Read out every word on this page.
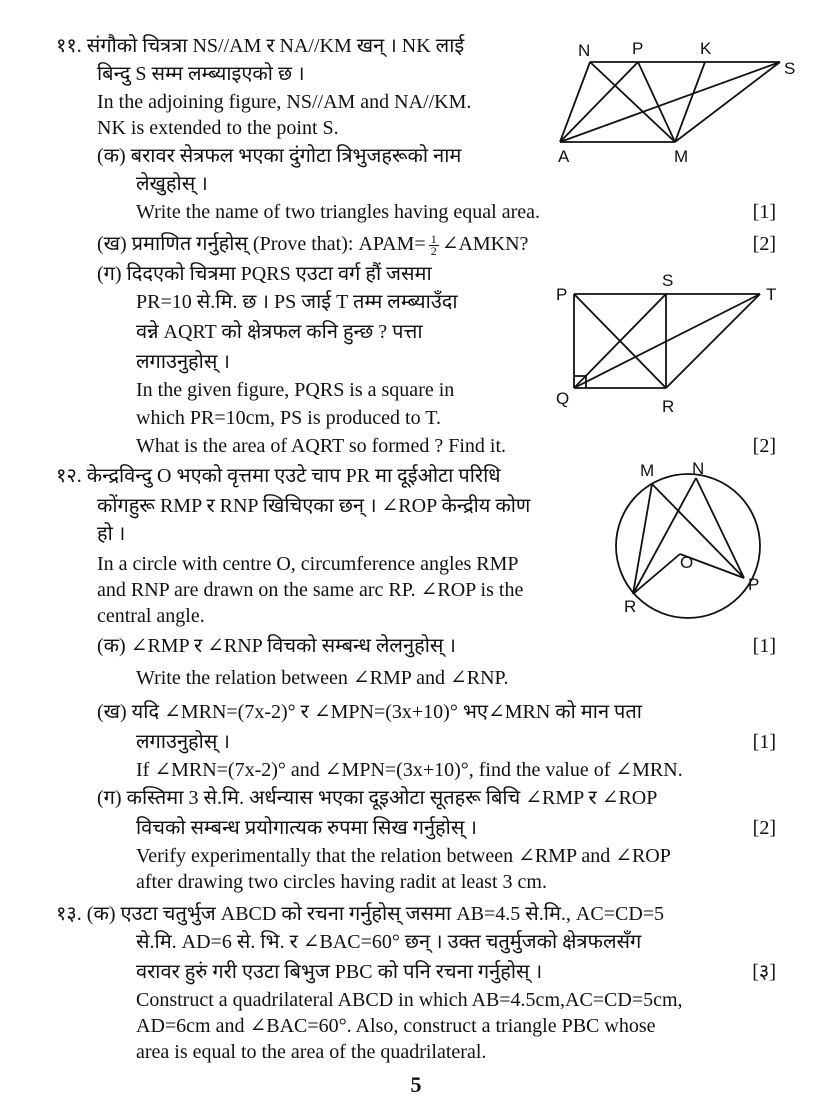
११. संगौको चित्रत्रा NS//AM र NA//KM खन् । NK लाई
बिन्दु S सम्म लम्ब्याइएको छ ।
In the adjoining figure, NS//AM and NA//KM.
NK is extended to the point S.
(क) बरावर सेत्रफल भएका दुंगोटा त्रिभुजहरूको नाम
लेखुहोस् ।
Write the name of two triangles having equal area.	[1]
(ख) प्रमाणित गर्नुहोस् (Prove that): APAM= $\frac{1}{2}$ ∠AMKN?	[2]
(ग) दिदएको चित्रमा PQRS एउटा वर्ग हौं जसमा
PR=10 से.मि. छ । PS जाई T तम्म लम्ब्याउँदा
वन्ने AQRT को क्षेत्रफल कनि हुन्छ ? पत्ता
लगाउनुहोस् ।
In the given figure, PQRS is a square in
which PR=10cm, PS is produced to T.
What is the area of AQRT so formed ? Find it.	[2]
N P	K
S
A	M
P
S
T
Q	R
१२. केन्द्रविन्दु O भएको वृत्तमा एउटे चाप PR मा दूईओटा परिधि
कोंगहुरू RMP र RNP खिचिएका छन् । ∠ROP केन्द्रीय कोण
हो ।
In a circle with centre O, circumference angles RMP
and RNP are drawn on the same arc RP. ∠ROP is the
central angle.
(क) ∠RMP र ∠RNP विचको सम्बन्ध लेलनुहोस् ।	[1]
Write the relation between ∠RMP and ∠RNP.
(ख) यदि ∠MRN=(7x-2)° र ∠MPN=(3x+10)° भए∠MRN को मान पता
लगाउनुहोस् ।	[1]
If ∠MRN=(7x-2)° and ∠MPN=(3x+10)°, find the value of ∠MRN.
(ग) कस्तिमा 3 से.मि. अर्धन्यास भएका दूइओटा सूतहरू बिचि ∠RMP र ∠ROP
विचको सम्बन्ध प्रयोगात्यक रुपमा सिख गर्नुहोस् ।	[2]
Verify experimentally that the relation between ∠RMP and ∠ROP
after drawing two circles having radit at least 3 cm.
M N
O
P
R
१३. (क) एउटा चतुर्भुज ABCD को रचना गर्नुहोस् जसमा AB=4.5 से.मि., AC=CD=5
से.मि. AD=6 से. भि. र ∠BAC=60° छन् । उक्त चतुर्मुजको क्षेत्रफलसँग
वरावर हुरुं गरी एउटा बिभुज PBC को पनि रचना गर्नुहोस् ।	[३]
Construct a quadrilateral ABCD in which AB=4.5cm,AC=CD=5cm,
AD=6cm and ∠BAC=60°. Also, construct a triangle PBC whose
area is equal to the area of the quadrilateral.
5
